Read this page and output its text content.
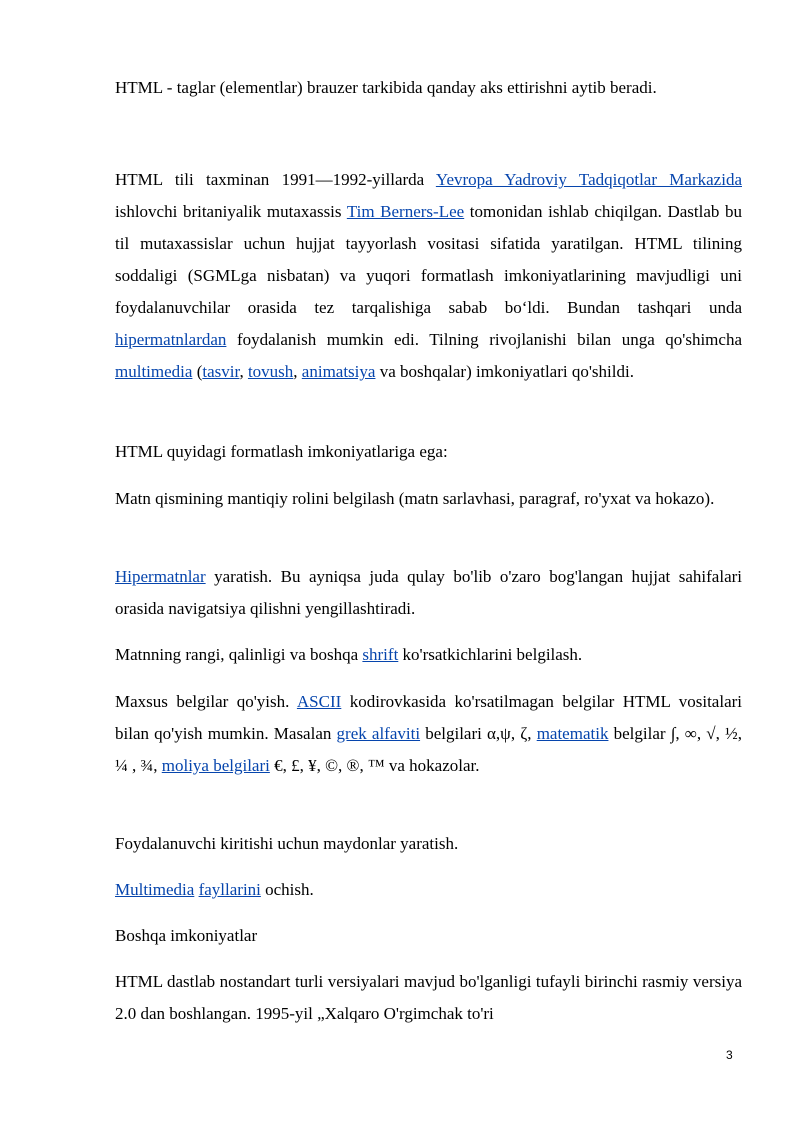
HTML - taglar (elementlar) brauzer tarkibida qanday aks ettirishni aytib beradi.

HTML tili taxminan 1991—1992-yillarda Yevropa Yadroviy Tadqiqotlar Markazida ishlovchi britaniyalik mutaxassis Tim Berners-Lee tomonidan ishlab chiqilgan. Dastlab bu til mutaxassislar uchun hujjat tayyorlash vositasi sifatida yaratilgan. HTML tilining soddaligi (SGMLga nisbatan) va yuqori formatlash imkoniyatlarining mavjudligi uni foydalanuvchilar orasida tez tarqalishiga sabab bo‘ldi. Bundan tashqari unda hipermatnlardan foydalanish mumkin edi. Tilning rivojlanishi bilan unga qo'shimcha multimedia (tasvir, tovush, animatsiya va boshqalar) imkoniyatlari qo'shildi.

HTML quyidagi formatlash imkoniyatlariga ega:

Matn qismining mantiqiy rolini belgilash (matn sarlavhasi, paragraf, ro'yxat va hokazo).

Hipermatnlar yaratish. Bu ayniqsa juda qulay bo'lib o'zaro bog'langan hujjat sahifalari orasida navigatsiya qilishni yengillashtiradi.

Matnning rangi, qalinligi va boshqa shrift ko'rsatkichlarini belgilash.

Maxsus belgilar qo'yish. ASCII kodirovkasida ko'rsatilmagan belgilar HTML vositalari bilan qo'yish mumkin. Masalan grek alfaviti belgilari α,ψ, ζ, matematik belgilar ∫, ∞, √, ½, ¼ , ¾, moliya belgilari €, £, ¥, ©, ®, ™ va hokazolar.

Foydalanuvchi kiritishi uchun maydonlar yaratish.

Multimedia fayllarini ochish.

Boshqa imkoniyatlar

HTML dastlab nostandart turli versiyalari mavjud bo'lganligi tufayli birinchi rasmiy versiya 2.0 dan boshlangan. 1995-yil „Xalqaro O'rgimchak to'ri

3
